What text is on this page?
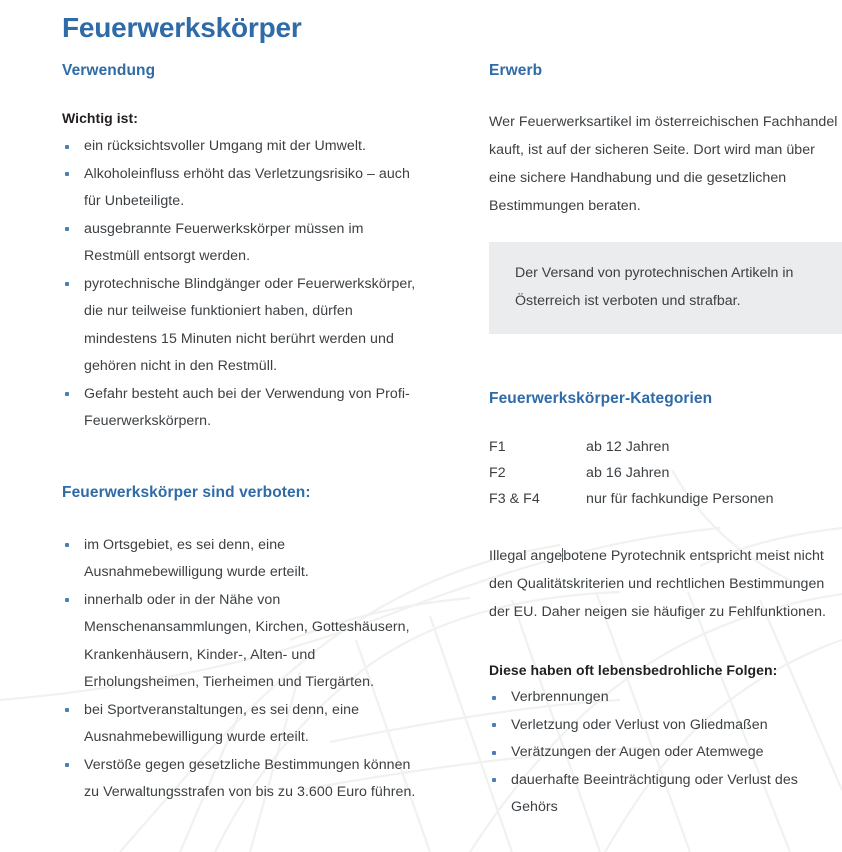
Feuerwerkskörper
Verwendung
Wichtig ist:
ein rücksichtsvoller Umgang mit der Umwelt.
Alkoholeinfluss erhöht das Verletzungsrisiko – auch für Unbeteiligte.
ausgebrannte Feuerwerkskörper müssen im Restmüll entsorgt werden.
pyrotechnische Blindgänger oder Feuerwerkskörper, die nur teilweise funktioniert haben, dürfen mindestens 15 Minuten nicht berührt werden und gehören nicht in den Restmüll.
Gefahr besteht auch bei der Verwendung von Profi-Feuerwerkskörpern.
Feuerwerkskörper sind verboten:
im Ortsgebiet, es sei denn, eine Ausnahmebewilligung wurde erteilt.
innerhalb oder in der Nähe von Menschenansammlungen, Kirchen, Gotteshäusern, Krankenhäusern, Kinder-, Alten- und Erholungsheimen, Tierheimen und Tiergärten.
bei Sportveranstaltungen, es sei denn, eine Ausnahmebewilligung wurde erteilt.
Verstöße gegen gesetzliche Bestimmungen können zu Verwaltungsstrafen von bis zu 3.600 Euro führen.
Erwerb

Wer Feuerwerksartikel im österreichischen Fachhandel kauft, ist auf der sicheren Seite. Dort wird man über eine sichere Handhabung und die gesetzlichen Bestimmungen beraten.

Der Versand von pyrotechnischen Artikeln in Österreich ist verboten und strafbar.

Feuerwerkskörper-Kategorien
F1	ab 12 Jahren
F2	ab 16 Jahren
F3 & F4	nur für fachkundige Personen

Illegal angebotene Pyrotechnik entspricht meist nicht den Qualitätskriterien und rechtlichen Bestimmungen der EU. Daher neigen sie häufiger zu Fehlfunktionen.

Diese haben oft lebensbedrohliche Folgen:
Verbrennungen
Verletzung oder Verlust von Gliedmaßen
Verätzungen der Augen oder Atemwege
dauerhafte Beeinträchtigung oder Verlust des Gehörs
